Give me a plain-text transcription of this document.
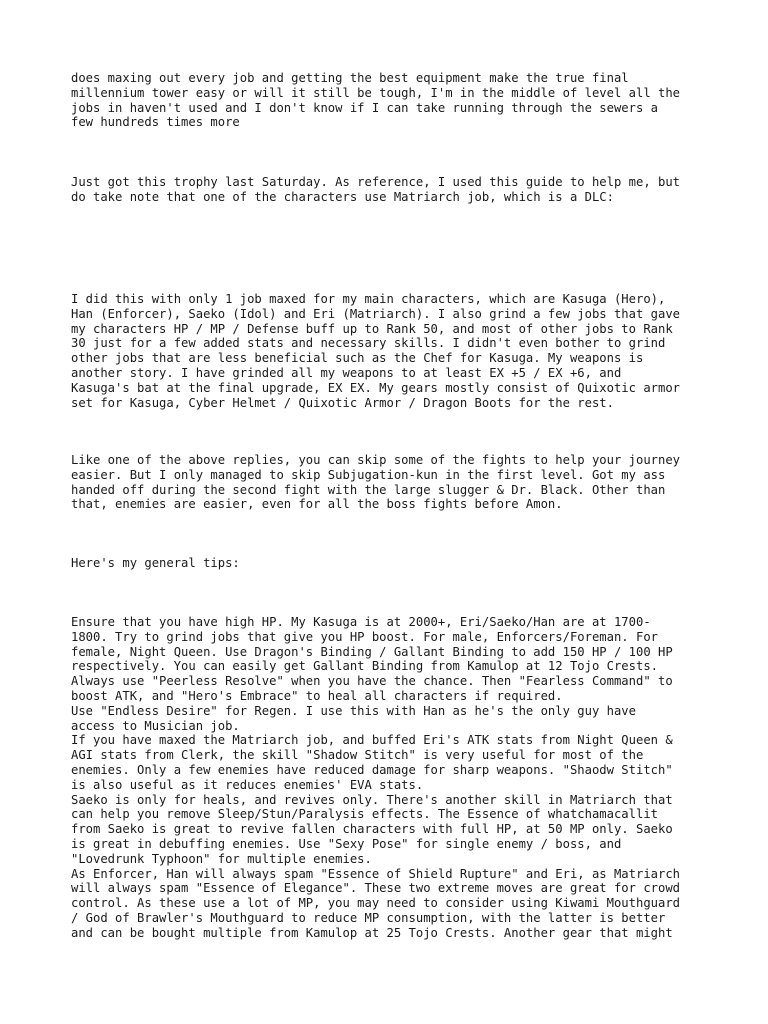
does maxing out every job and getting the best equipment make the true final
millennium tower easy or will it still be tough, I'm in the middle of level all the
jobs in haven't used and I don't know if I can take running through the sewers a
few hundreds times more

Just got this trophy last Saturday. As reference, I used this guide to help me, but
do take note that one of the characters use Matriarch job, which is a DLC:

I did this with only 1 job maxed for my main characters, which are Kasuga (Hero),
Han (Enforcer), Saeko (Idol) and Eri (Matriarch). I also grind a few jobs that gave
my characters HP / MP / Defense buff up to Rank 50, and most of other jobs to Rank
30 just for a few added stats and necessary skills. I didn't even bother to grind
other jobs that are less beneficial such as the Chef for Kasuga. My weapons is
another story. I have grinded all my weapons to at least EX +5 / EX +6, and
Kasuga's bat at the final upgrade, EX EX. My gears mostly consist of Quixotic armor
set for Kasuga, Cyber Helmet / Quixotic Armor / Dragon Boots for the rest.

Like one of the above replies, you can skip some of the fights to help your journey
easier. But I only managed to skip Subjugation-kun in the first level. Got my ass
handed off during the second fight with the large slugger & Dr. Black. Other than
that, enemies are easier, even for all the boss fights before Amon.

Here's my general tips:

Ensure that you have high HP. My Kasuga is at 2000+, Eri/Saeko/Han are at 1700-
1800. Try to grind jobs that give you HP boost. For male, Enforcers/Foreman. For
female, Night Queen. Use Dragon's Binding / Gallant Binding to add 150 HP / 100 HP
respectively. You can easily get Gallant Binding from Kamulop at 12 Tojo Crests.
Always use "Peerless Resolve" when you have the chance. Then "Fearless Command" to
boost ATK, and "Hero's Embrace" to heal all characters if required.
Use "Endless Desire" for Regen. I use this with Han as he's the only guy have
access to Musician job.
If you have maxed the Matriarch job, and buffed Eri's ATK stats from Night Queen &
AGI stats from Clerk, the skill "Shadow Stitch" is very useful for most of the
enemies. Only a few enemies have reduced damage for sharp weapons. "Shaodw Stitch"
is also useful as it reduces enemies' EVA stats.
Saeko is only for heals, and revives only. There's another skill in Matriarch that
can help you remove Sleep/Stun/Paralysis effects. The Essence of whatchamacallit
from Saeko is great to revive fallen characters with full HP, at 50 MP only. Saeko
is great in debuffing enemies. Use "Sexy Pose" for single enemy / boss, and
"Lovedrunk Typhoon" for multiple enemies.
As Enforcer, Han will always spam "Essence of Shield Rupture" and Eri, as Matriarch
will always spam "Essence of Elegance". These two extreme moves are great for crowd
control. As these use a lot of MP, you may need to consider using Kiwami Mouthguard
/ God of Brawler's Mouthguard to reduce MP consumption, with the latter is better
and can be bought multiple from Kamulop at 25 Tojo Crests. Another gear that might
